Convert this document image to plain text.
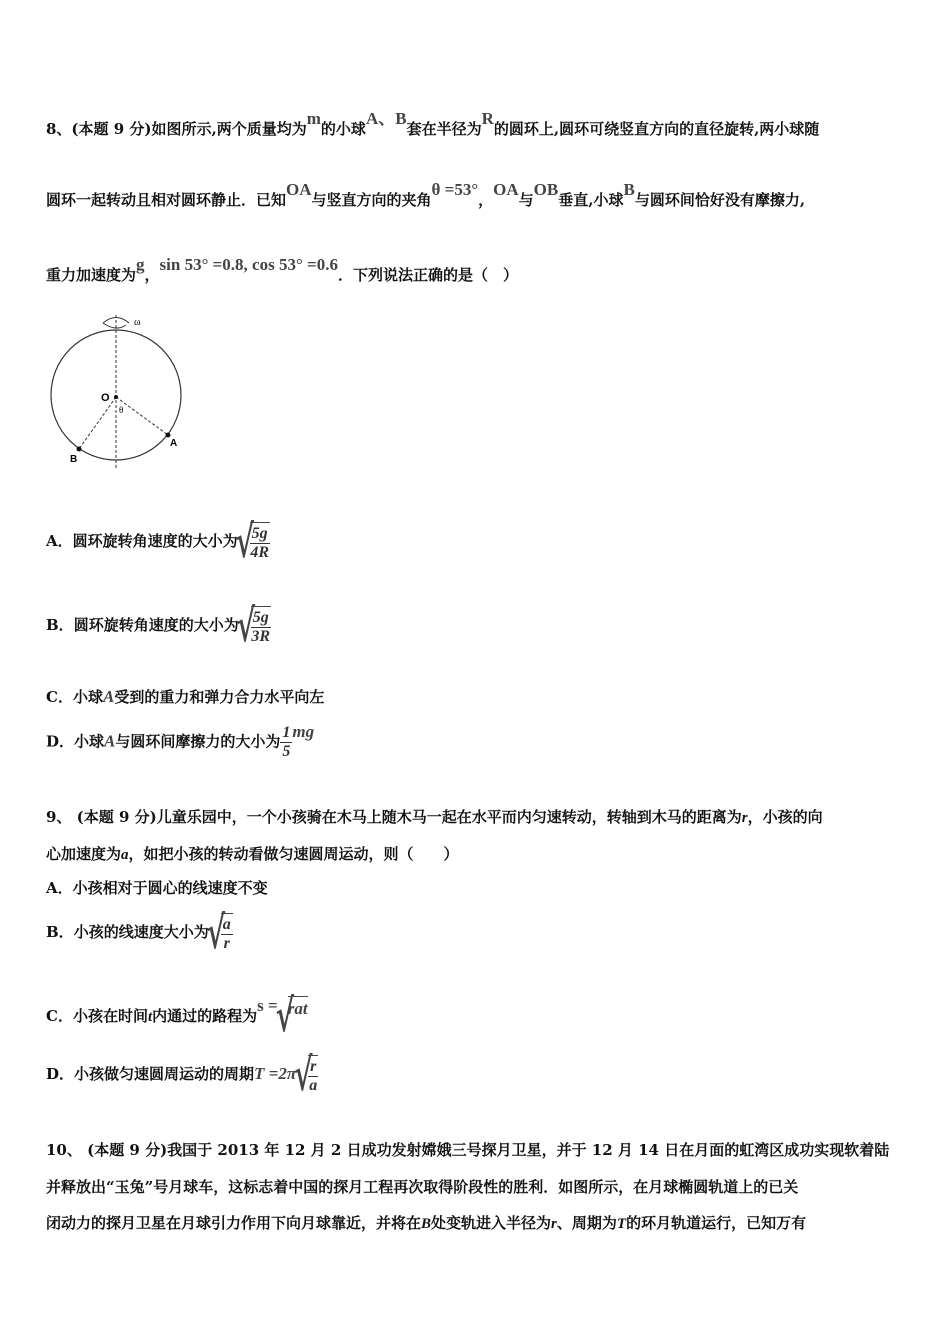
8、(本题 9 分)如图所示,两个质量均为m的小球A、B套在半径为R的圆环上,圆环可绕竖直方向的直径旋转,两小球随
圆环一起转动且相对圆环静止．已知OA与竖直方向的夹角θ =53°，OA与OB垂直,小球B与圆环间恰好没有摩擦力,
重力加速度为g，sin 53° =0.8, cos 53° =0.6．下列说法正确的是（　）
ω
O
θ
A
B
A．圆环旋转角速度的大小为 √ $\frac{5g}{4R}$
B．圆环旋转角速度的大小为 √ $\frac{5g}{3R}$
C．小球A受到的重力和弹力合力水平向左
D．小球A与圆环间摩擦力的大小为 $\frac{1}{5}$ mg
9、 (本题 9 分)儿童乐园中，一个小孩骑在木马上随木马一起在水平而内匀速转动，转轴到木马的距离为r，小孩的向
心加速度为a，如把小孩的转动看做匀速圆周运动，则（　　）
A．小孩相对于圆心的线速度不变
B．小孩的线速度大小为 √ $\frac{a}{r}$
C．小孩在时间t内通过的路程为s = √ rat
D．小孩做匀速圆周运动的周期T =2π √ $\frac{r}{a}$
10、 (本题 9 分)我国于 2013 年 12 月 2 日成功发射嫦娥三号探月卫星，并于 12 月 14 日在月面的虹湾区成功实现软着陆
并释放出“玉兔”号月球车，这标志着中国的探月工程再次取得阶段性的胜利．如图所示，在月球椭圆轨道上的已关
闭动力的探月卫星在月球引力作用下向月球靠近，并将在B处变轨进入半径为r、周期为T的环月轨道运行，已知万有
